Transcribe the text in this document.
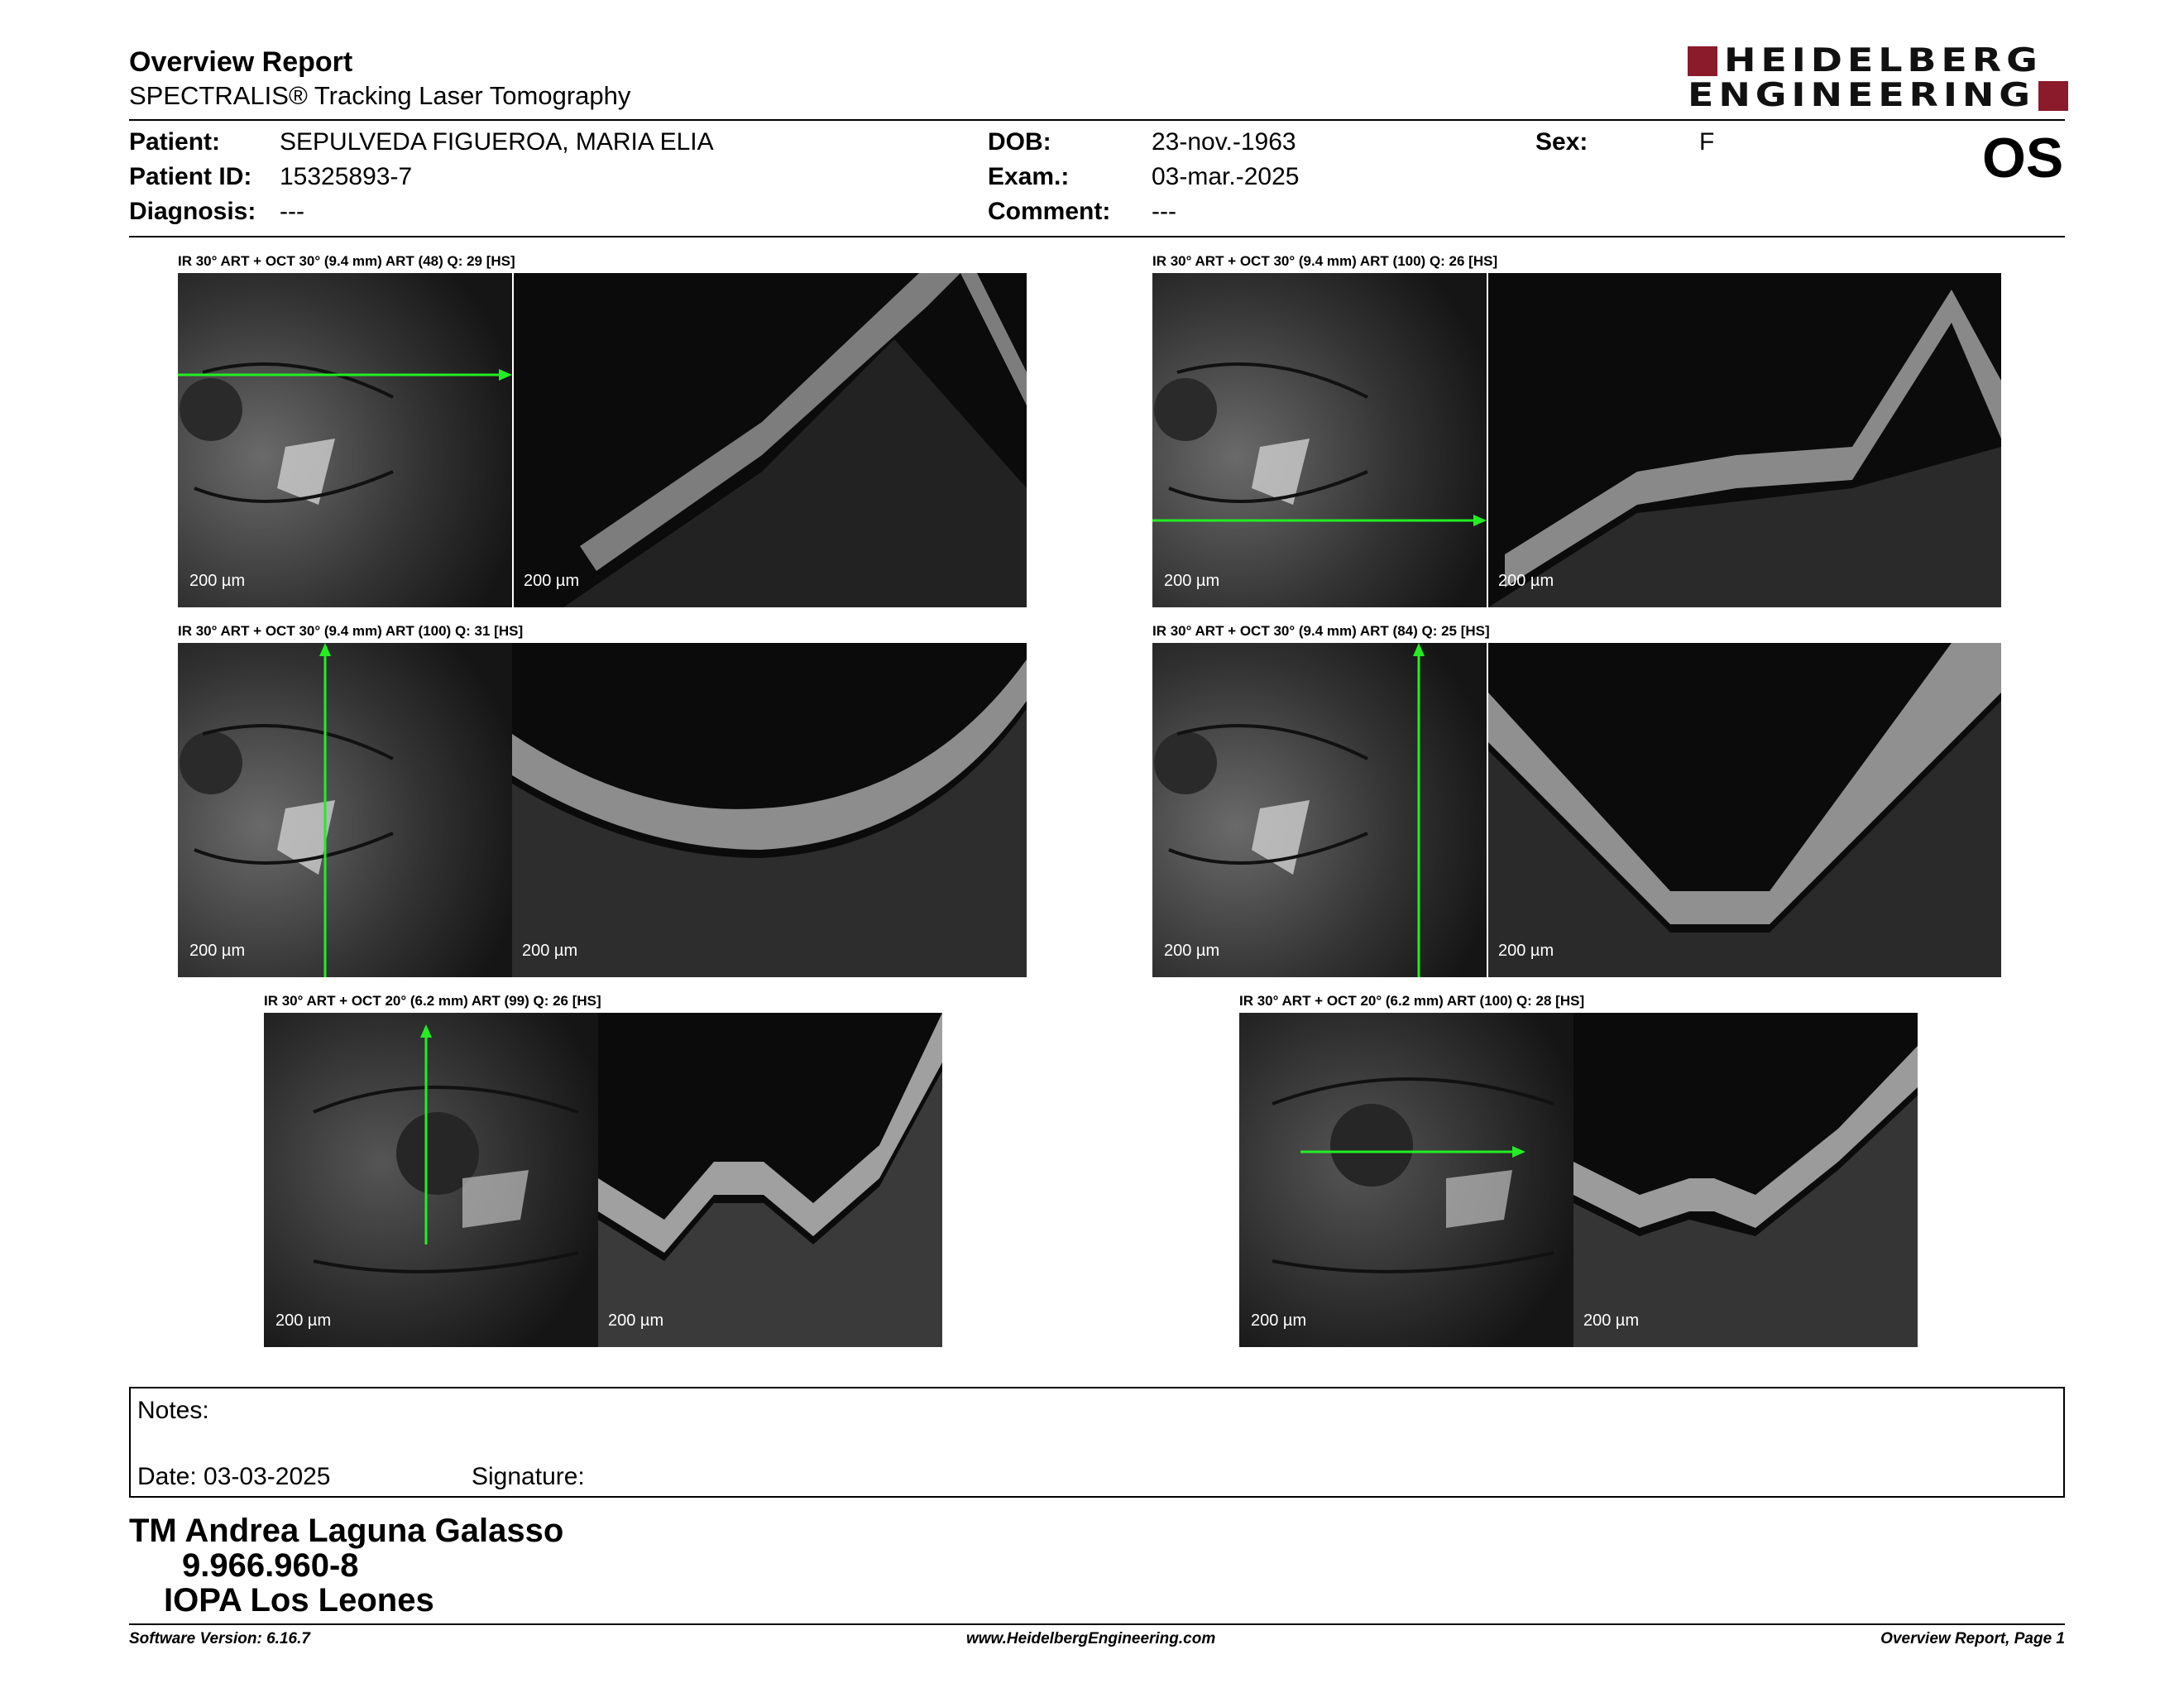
Overview Report
SPECTRALIS® Tracking Laser Tomography
HEIDELBERG
ENGINEERING
Patient: SEPULVEDA FIGUEROA, MARIA ELIA
Patient ID: 15325893-7
Diagnosis: ---
DOB:	23-nov.-1963
Exam.:	03-mar.-2025
Comment: ---
Sex:	F	OS
IR 30° ART + OCT 30° (9.4 mm) ART (48) Q: 29 [HS]
200 µm	200 µm
IR 30° ART + OCT 30° (9.4 mm) ART (100) Q: 26 [HS]
200 µm	200 µm
IR 30° ART + OCT 30° (9.4 mm) ART (100) Q: 31 [HS]
200 µm	200 µm
IR 30° ART + OCT 30° (9.4 mm) ART (84) Q: 25 [HS]
200 µm	200 µm
IR 30° ART + OCT 20° (6.2 mm) ART (99) Q: 26 [HS]
200 µm	200 µm
IR 30° ART + OCT 20° (6.2 mm) ART (100) Q: 28 [HS]
200 µm	200 µm
Notes:
Date: 03-03-2025	Signature:
TM Andrea Laguna Galasso
9.966.960-8
IOPA Los Leones
Software Version: 6.16.7	www.HeidelbergEngineering.com	Overview Report, Page 1
